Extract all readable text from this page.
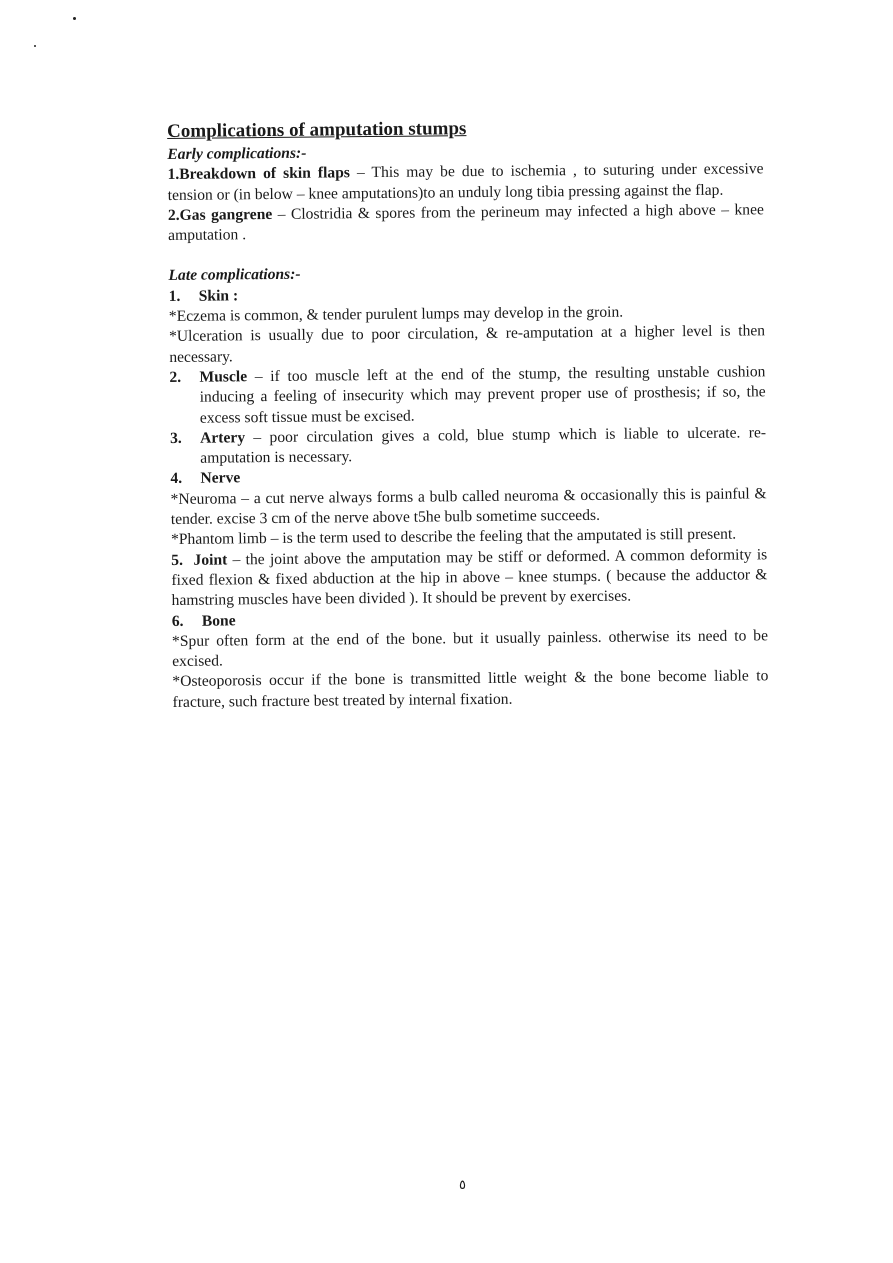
Complications of amputation stumps
Early complications:-

1.Breakdown of skin flaps – This may be due to ischemia , to suturing under excessive tension or (in below – knee amputations)to an unduly long tibia pressing against the flap.

2.Gas gangrene – Clostridia & spores from the perineum may infected a high above – knee amputation .

Late complications:-
1. Skin :

*Eczema is common, & tender purulent lumps may develop in the groin.

*Ulceration is usually due to poor circulation, & re-amputation at a higher level is then necessary.

2. Muscle – if too muscle left at the end of the stump, the resulting unstable cushion inducing a feeling of insecurity which may prevent proper use of prosthesis; if so, the excess soft tissue must be excised.

3. Artery – poor circulation gives a cold, blue stump which is liable to ulcerate. re- amputation is necessary.

4. Nerve

*Neuroma – a cut nerve always forms a bulb called neuroma & occasionally this is painful & tender. excise 3 cm of the nerve above t5he bulb sometime succeeds.

*Phantom limb – is the term used to describe the feeling that the amputated is still present.

5. Joint – the joint above the amputation may be stiff or deformed. A common deformity is fixed flexion & fixed abduction at the hip in above – knee stumps. ( because the adductor & hamstring muscles have been divided ). It should be prevent by exercises.

6. Bone

*Spur often form at the end of the bone. but it usually painless. otherwise its need to be excised.

*Osteoporosis occur if the bone is transmitted little weight & the bone become liable to fracture, such fracture best treated by internal fixation.

٥
